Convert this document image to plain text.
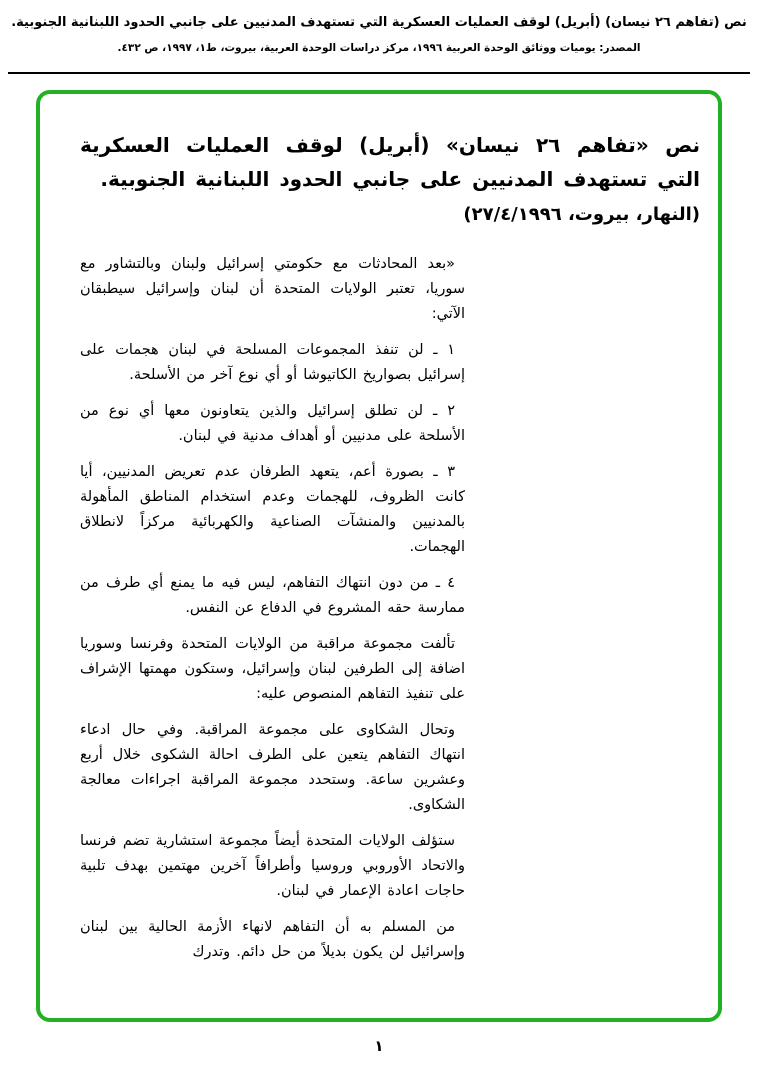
نص (تفاهم ٢٦ نيسان) (أبريل) لوقف العمليات العسكرية التي تستهدف المدنيين على جانبي الحدود اللبنانية الجنوبية.
المصدر: يوميات ووثائق الوحدة العربية ١٩٩٦، مركز دراسات الوحدة العربية، بيروت، ط١، ١٩٩٧، ص ٤٣٢.
نص «تفاهم ٢٦ نيسان» (أبريل) لوقف العمليات العسكرية التي تستهدف المدنيين على جانبي الحدود اللبنانية الجنوبية.
(النهار، بيروت، ٢٧/٤/١٩٩٦)

«بعد المحادثات مع حكومتي إسرائيل ولبنان وبالتشاور مع سوريا، تعتبر الولايات المتحدة أن لبنان وإسرائيل سيطبقان الآتي:

١ ـ لن تنفذ المجموعات المسلحة في لبنان هجمات على إسرائيل بصواريخ الكاتيوشا أو أي نوع آخر من الأسلحة.

٢ ـ لن تطلق إسرائيل والذين يتعاونون معها أي نوع من الأسلحة على مدنيين أو أهداف مدنية في لبنان.

٣ ـ بصورة أعم، يتعهد الطرفان عدم تعريض المدنيين، أيا كانت الظروف، للهجمات وعدم استخدام المناطق المأهولة بالمدنيين والمنشآت الصناعية والكهربائية مركزاً لانطلاق الهجمات.

٤ ـ من دون انتهاك التفاهم، ليس فيه ما يمنع أي طرف من ممارسة حقه المشروع في الدفاع عن النفس.

تألفت مجموعة مراقبة من الولايات المتحدة وفرنسا وسوريا اضافة إلى الطرفين لبنان وإسرائيل، وستكون مهمتها الإشراف على تنفيذ التفاهم المنصوص عليه:

وتحال الشكاوى على مجموعة المراقبة. وفي حال ادعاء انتهاك التفاهم يتعين على الطرف احالة الشكوى خلال أربع وعشرين ساعة. وستحدد مجموعة المراقبة اجراءات معالجة الشكاوى.

ستؤلف الولايات المتحدة أيضاً مجموعة استشارية تضم فرنسا والاتحاد الأوروبي وروسيا وأطرافاً آخرين مهتمين بهدف تلبية حاجات اعادة الإعمار في لبنان.

من المسلم به أن التفاهم لانهاء الأزمة الحالية بين لبنان وإسرائيل لن يكون بديلاً من حل دائم. وتدرك

١
